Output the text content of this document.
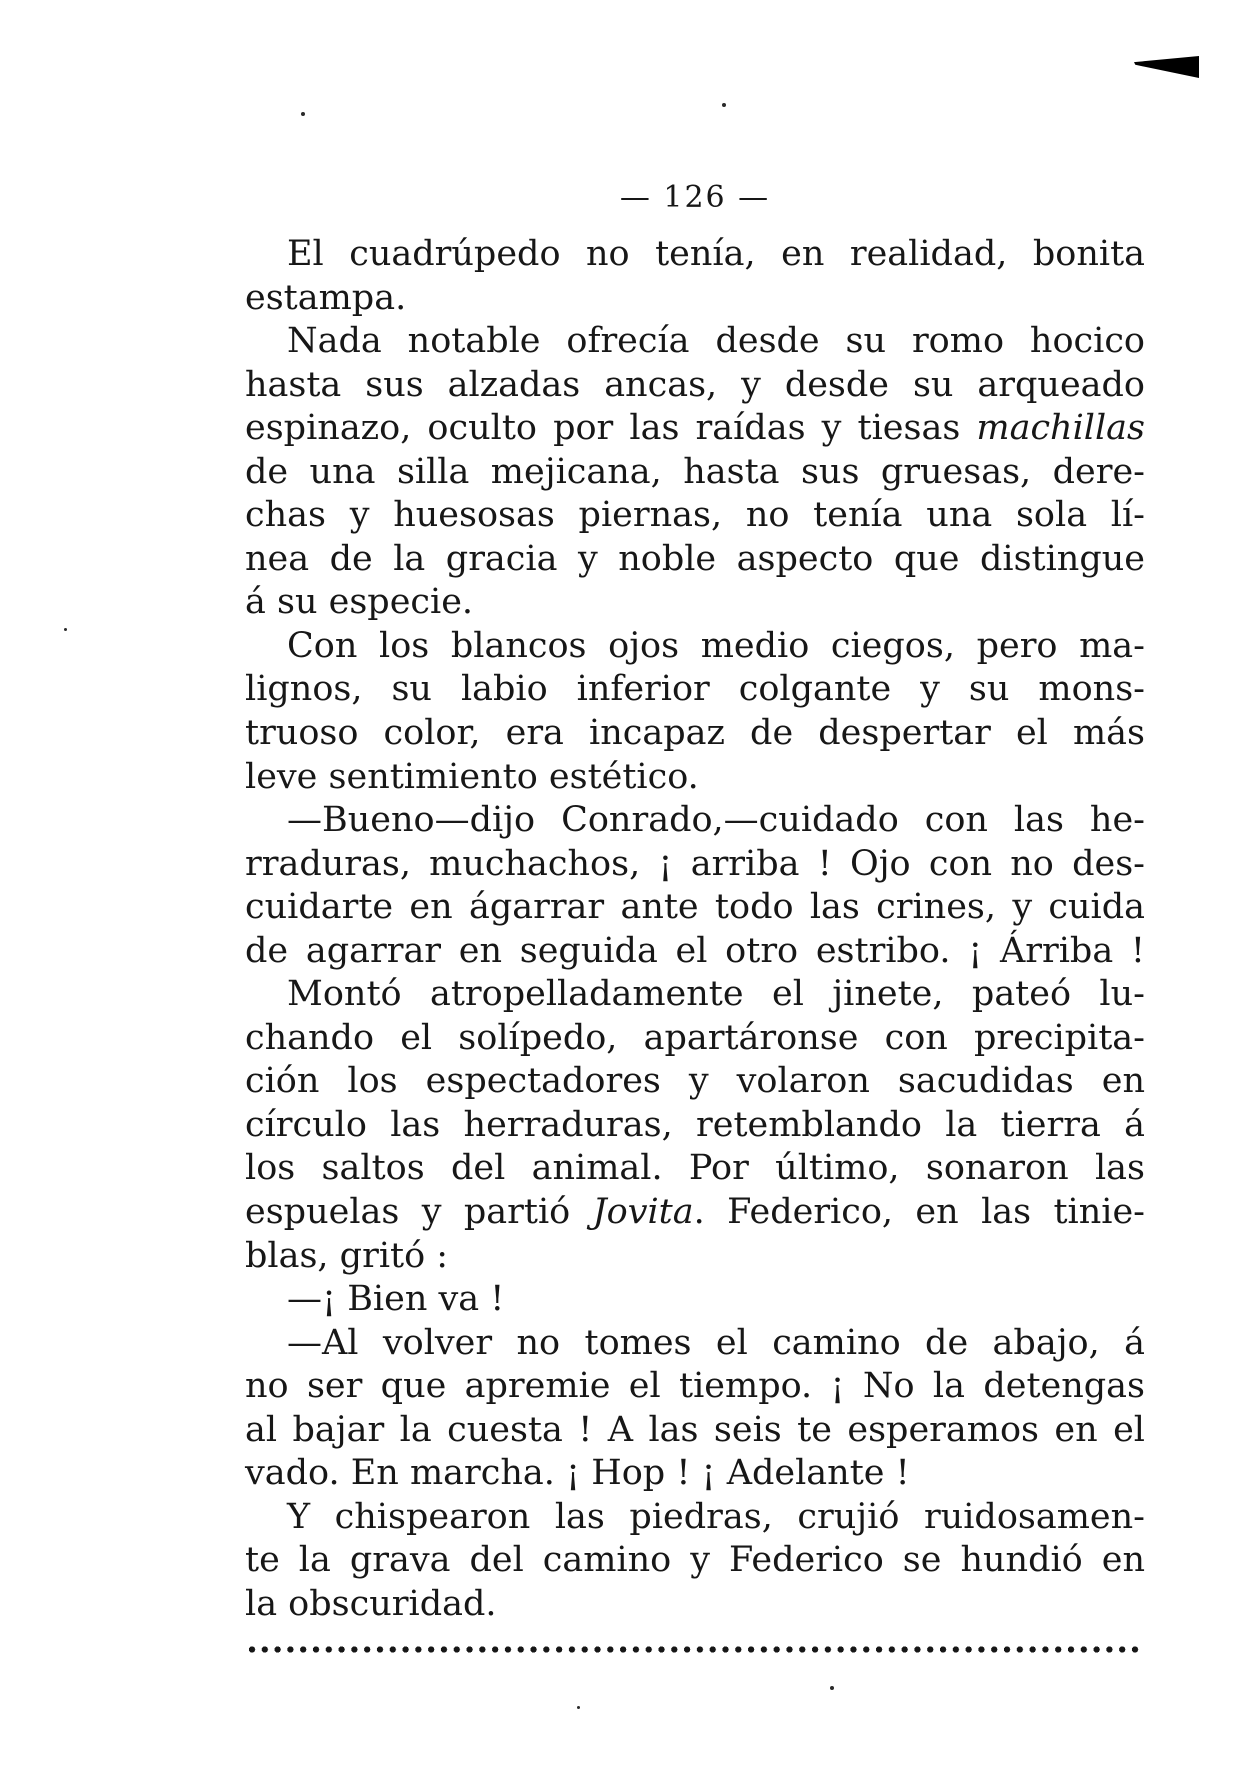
— 126 —
El cuadrúpedo no tenía, en realidad, bonita
estampa.
Nada notable ofrecía desde su romo hocico
hasta sus alzadas ancas, y desde su arqueado
espinazo, oculto por las raídas y tiesas machillas
de una silla mejicana, hasta sus gruesas, dere-
chas y huesosas piernas, no tenía una sola lí-
nea de la gracia y noble aspecto que distingue
á su especie.
Con los blancos ojos medio ciegos, pero ma-
lignos, su labio inferior colgante y su mons-
truoso color, era incapaz de despertar el más
leve sentimiento estético.
—Bueno—dijo Conrado,—cuidado con las he-
rraduras, muchachos, ¡ arriba ! Ojo con no des-
cuidarte en ágarrar ante todo las crines, y cuida
de agarrar en seguida el otro estribo. ¡ Árriba !
Montó atropelladamente el jinete, pateó lu-
chando el solípedo, apartáronse con precipita-
ción los espectadores y volaron sacudidas en
círculo las herraduras, retemblando la tierra á
los saltos del animal. Por último, sonaron las
espuelas y partió Jovita. Federico, en las tinie-
blas, gritó :
—¡ Bien va !
—Al volver no tomes el camino de abajo, á
no ser que apremie el tiempo. ¡ No la detengas
al bajar la cuesta ! A las seis te esperamos en el
vado. En marcha. ¡ Hop ! ¡ Adelante !
Y chispearon las piedras, crujió ruidosamen-
te la grava del camino y Federico se hundió en
la obscuridad.
